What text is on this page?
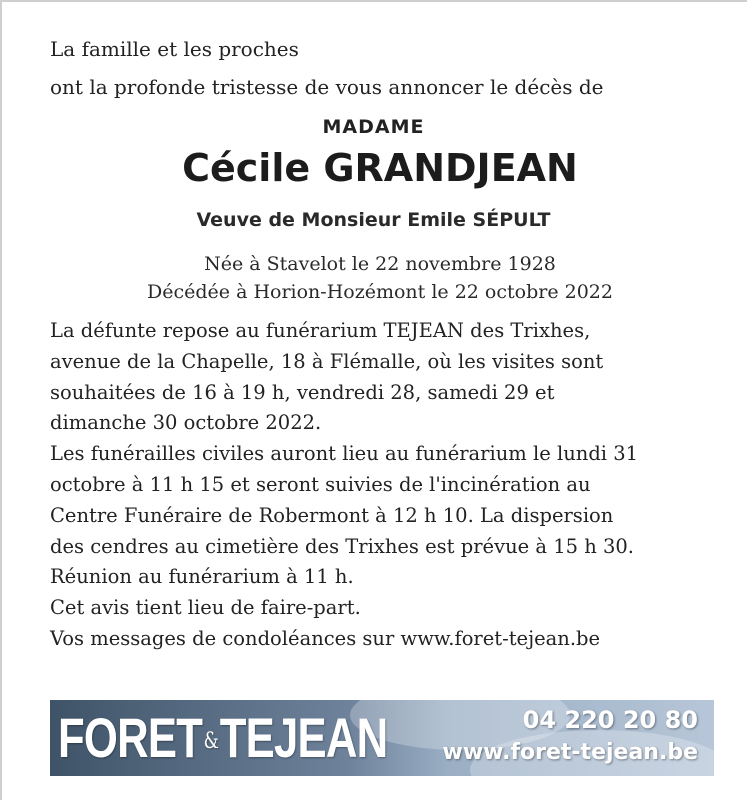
La famille et les proches
ont la profonde tristesse de vous annoncer le décès de
MADAME
Cécile GRANDJEAN
Veuve de Monsieur Emile SÉPULT
Née à Stavelot le 22 novembre 1928
Décédée à Horion-Hozémont le 22 octobre 2022
La défunte repose au funérarium TEJEAN des Trixhes,
avenue de la Chapelle, 18 à Flémalle, où les visites sont
souhaitées de 16 à 19 h, vendredi 28, samedi 29 et
dimanche 30 octobre 2022.
Les funérailles civiles auront lieu au funérarium le lundi 31
octobre à 11 h 15 et seront suivies de l'incinération au
Centre Funéraire de Robermont à 12 h 10. La dispersion
des cendres au cimetière des Trixhes est prévue à 15 h 30.
Réunion au funérarium à 11 h.
Cet avis tient lieu de faire-part.
Vos messages de condoléances sur www.foret-tejean.be
FORET&TEJEAN	04 220 20 80
www.foret-tejean.be
